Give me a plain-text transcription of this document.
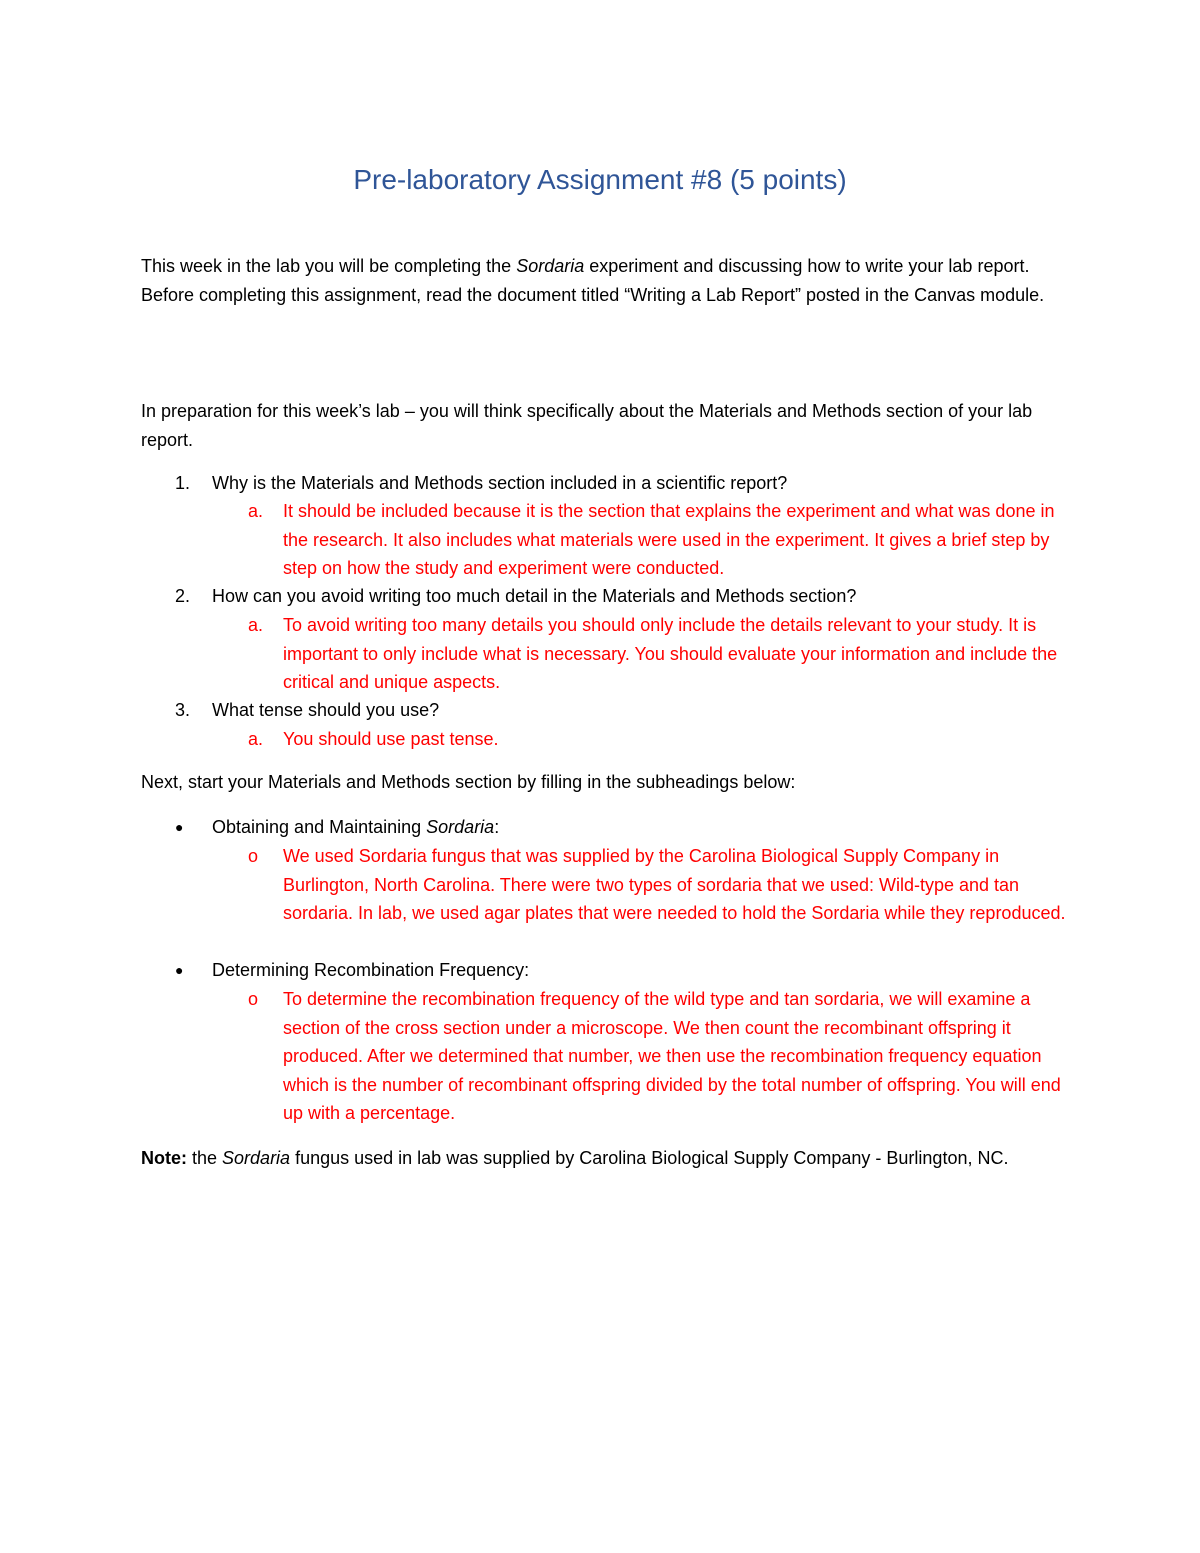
Pre-laboratory Assignment #8 (5 points)
This week in the lab you will be completing the Sordaria experiment and discussing how to write your lab report. Before completing this assignment, read the document titled “Writing a Lab Report” posted in the Canvas module.
In preparation for this week’s lab – you will think specifically about the Materials and Methods section of your lab report.
1. Why is the Materials and Methods section included in a scientific report?
a. It should be included because it is the section that explains the experiment and what was done in the research. It also includes what materials were used in the experiment. It gives a brief step by step on how the study and experiment were conducted.
2. How can you avoid writing too much detail in the Materials and Methods section?
a. To avoid writing too many details you should only include the details relevant to your study. It is important to only include what is necessary. You should evaluate your information and include the critical and unique aspects.
3. What tense should you use?
a. You should use past tense.
Next, start your Materials and Methods section by filling in the subheadings below:
● Obtaining and Maintaining Sordaria:
o We used Sordaria fungus that was supplied by the Carolina Biological Supply Company in Burlington, North Carolina. There were two types of sordaria that we used: Wild-type and tan sordaria. In lab, we used agar plates that were needed to hold the Sordaria while they reproduced.
● Determining Recombination Frequency:
o To determine the recombination frequency of the wild type and tan sordaria, we will examine a section of the cross section under a microscope. We then count the recombinant offspring it produced. After we determined that number, we then use the recombination frequency equation which is the number of recombinant offspring divided by the total number of offspring. You will end up with a percentage.
Note: the Sordaria fungus used in lab was supplied by Carolina Biological Supply Company - Burlington, NC.
